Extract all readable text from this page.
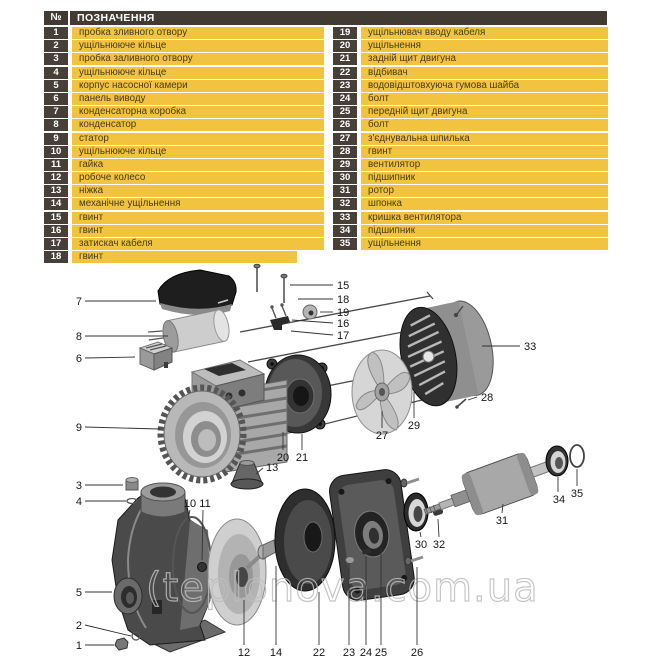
№	ПОЗНАЧЕННЯ
1	пробка зливного отвору
2	ущільнююче кільце
3	пробка заливного отвору
4	ущільнююче кільце
5	корпус насосної камери
6	панель виводу
7	конденсаторна коробка
8	конденсатор
9	статор
10	ущільнююче кільце
11	гайка
12	робоче колесо
13	ніжка
14	механічне ущільнення
15	гвинт
16	гвинт
17	затискач кабеля
18	гвинт
19	ущільнювач вводу кабеля
20	ущільнення
21	задній щит двигуна
22	відбивач
23	водовідштовхуюча гумова шайба
24	болт
25	передній щит двигуна
26	болт
27	з'єднувальна шпилька
28	гвинт
29	вентилятор
30	підшипник
31	ротор
32	шпонка
33	кришка вентилятора
34	підшипник
35	ущільнення
(teplonova.com.ua
7
8
6
9
3
4
5
2
1
15
18
19
16
17
13
20 21
27
29
33
28
10 11
12 14	22 23 24 25 26
30 32
31
34 35
